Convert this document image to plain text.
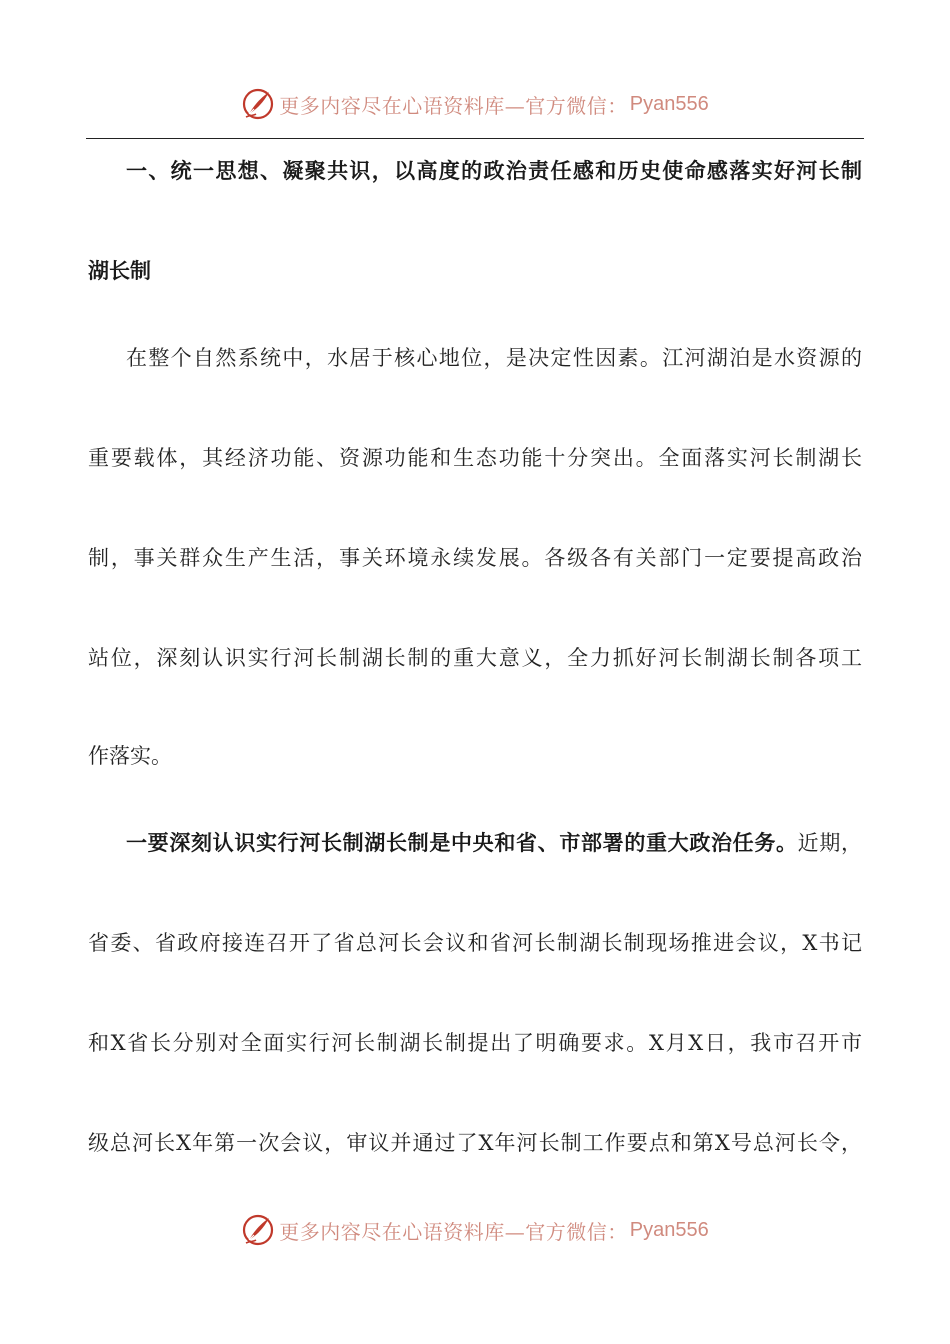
更多内容尽在心语资料库—官方微信： Pyan556
一、统一思想、凝聚共识，以高度的政治责任感和历史使命感落实好河长制
湖长制
在整个自然系统中，水居于核心地位，是决定性因素。江河湖泊是水资源的
重要载体，其经济功能、资源功能和生态功能十分突出。全面落实河长制湖长
制，事关群众生产生活，事关环境永续发展。各级各有关部门一定要提高政治
站位，深刻认识实行河长制湖长制的重大意义，全力抓好河长制湖长制各项工
作落实。
一要深刻认识实行河长制湖长制是中央和省、市部署的重大政治任务。近期，
省委、省政府接连召开了省总河长会议和省河长制湖长制现场推进会议，X书记
和X省长分别对全面实行河长制湖长制提出了明确要求。X月X日，我市召开市
级总河长X年第一次会议，审议并通过了X年河长制工作要点和第X号总河长令，
更多内容尽在心语资料库—官方微信： Pyan556
